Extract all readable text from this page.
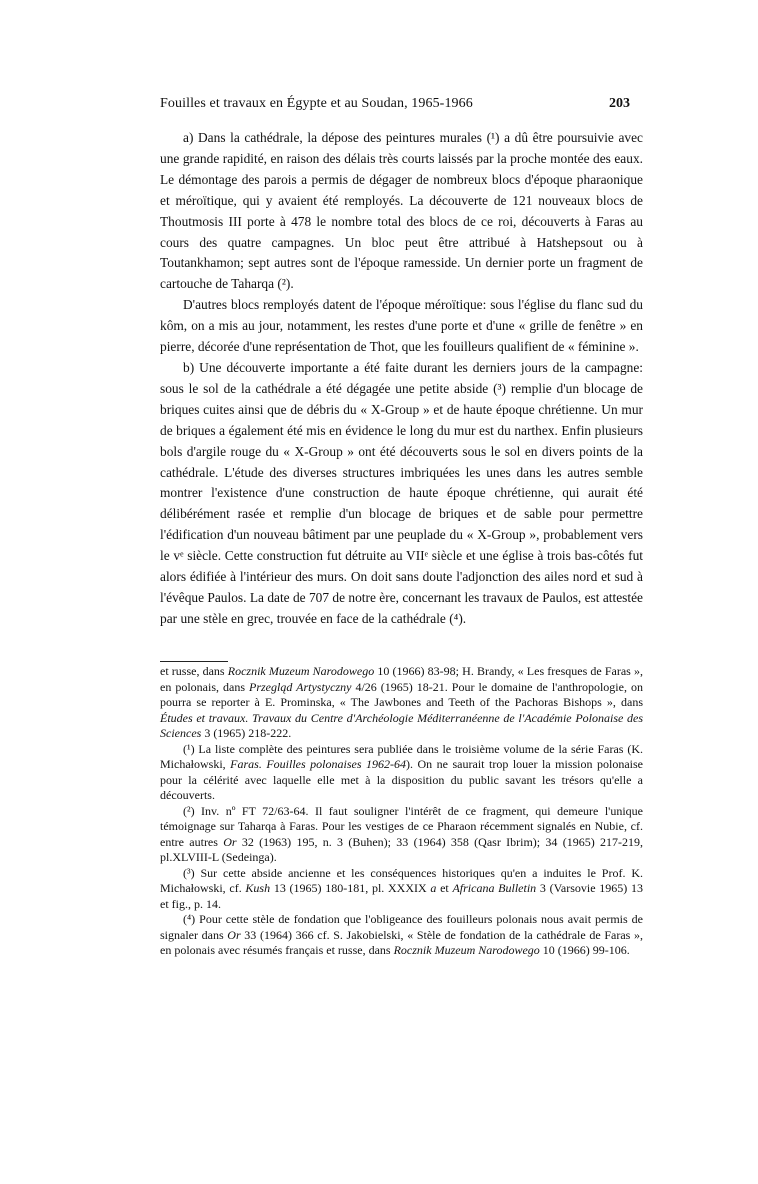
Fouilles et travaux en Égypte et au Soudan, 1965-1966	203

a) Dans la cathédrale, la dépose des peintures murales (¹) a dû être poursuivie avec une grande rapidité, en raison des délais très courts laissés par la proche montée des eaux. Le démontage des parois a permis de dégager de nombreux blocs d'époque pharaonique et méroïtique, qui y avaient été remployés. La découverte de 121 nouveaux blocs de Thoutmosis III porte à 478 le nombre total des blocs de ce roi, découverts à Faras au cours des quatre campagnes. Un bloc peut être attribué à Hatshepsout ou à Toutankhamon; sept autres sont de l'époque ramesside. Un dernier porte un fragment de cartouche de Taharqa (²).

D'autres blocs remployés datent de l'époque méroïtique: sous l'église du flanc sud du kôm, on a mis au jour, notamment, les restes d'une porte et d'une « grille de fenêtre » en pierre, décorée d'une représentation de Thot, que les fouilleurs qualifient de « féminine ».

b) Une découverte importante a été faite durant les derniers jours de la campagne: sous le sol de la cathédrale a été dégagée une petite abside (³) remplie d'un blocage de briques cuites ainsi que de débris du « X-Group » et de haute époque chrétienne. Un mur de briques a également été mis en évidence le long du mur est du narthex. Enfin plusieurs bols d'argile rouge du « X-Group » ont été découverts sous le sol en divers points de la cathédrale. L'étude des diverses structures imbriquées les unes dans les autres semble montrer l'existence d'une construction de haute époque chrétienne, qui aurait été délibérément rasée et remplie d'un blocage de briques et de sable pour permettre l'édification d'un nouveau bâtiment par une peuplade du « X-Group », probablement vers le vᵉ siècle. Cette construction fut détruite au VIIᵉ siècle et une église à trois bas-côtés fut alors édifiée à l'intérieur des murs. On doit sans doute l'adjonction des ailes nord et sud à l'évêque Paulos. La date de 707 de notre ère, concernant les travaux de Paulos, est attestée par une stèle en grec, trouvée en face de la cathédrale (⁴).

et russe, dans Rocznik Muzeum Narodowego 10 (1966) 83-98; H. Brandy, « Les fresques de Faras », en polonais, dans Przegląd Artystyczny 4/26 (1965) 18-21. Pour le domaine de l'anthropologie, on pourra se reporter à E. Prominska, « The Jawbones and Teeth of the Pachoras Bishops », dans Études et travaux. Travaux du Centre d'Archéologie Méditerranéenne de l'Académie Polonaise des Sciences 3 (1965) 218-222.

(¹) La liste complète des peintures sera publiée dans le troisième volume de la série Faras (K. Michałowski, Faras. Fouilles polonaises 1962-64). On ne saurait trop louer la mission polonaise pour la célérité avec laquelle elle met à la disposition du public savant les trésors qu'elle a découverts.

(²) Inv. nº FT 72/63-64. Il faut souligner l'intérêt de ce fragment, qui demeure l'unique témoignage sur Taharqa à Faras. Pour les vestiges de ce Pharaon récemment signalés en Nubie, cf. entre autres Or 32 (1963) 195, n. 3 (Buhen); 33 (1964) 358 (Qasr Ibrim); 34 (1965) 217-219, pl.XLVIII-L (Sedeinga).

(³) Sur cette abside ancienne et les conséquences historiques qu'en a induites le Prof. K. Michałowski, cf. Kush 13 (1965) 180-181, pl. XXXIX a et Africana Bulletin 3 (Varsovie 1965) 13 et fig., p. 14.

(⁴) Pour cette stèle de fondation que l'obligeance des fouilleurs polonais nous avait permis de signaler dans Or 33 (1964) 366 cf. S. Jakobielski, « Stèle de fondation de la cathédrale de Faras », en polonais avec résumés français et russe, dans Rocznik Muzeum Narodowego 10 (1966) 99-106.
